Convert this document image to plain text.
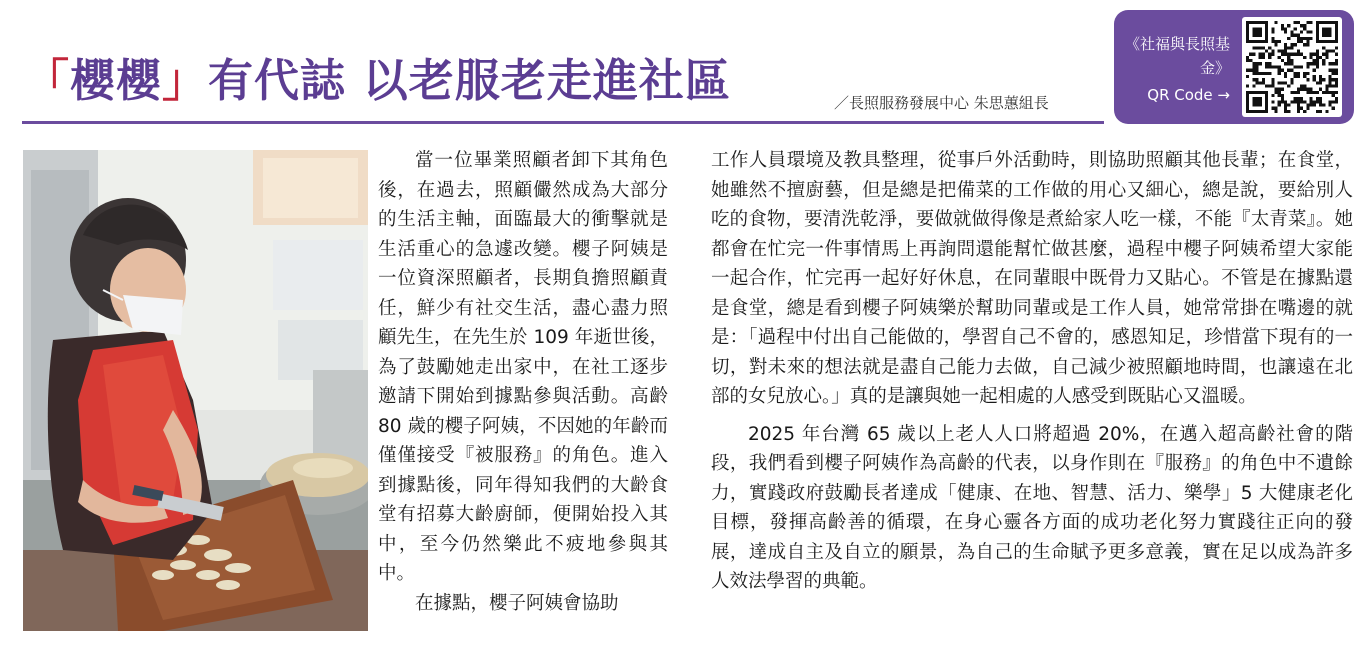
「櫻櫻」有代誌 以老服老走進社區	／長照服務發展中心 朱思蕙組長
《社福與長照基金》
QR Code →

當一位畢業照顧者卸下其角色後，在過去，照顧儼然成為大部分的生活主軸，面臨最大的衝擊就是生活重心的急遽改變。櫻子阿姨是一位資深照顧者，長期負擔照顧責任，鮮少有社交生活，盡心盡力照顧先生，在先生於 109 年逝世後，為了鼓勵她走出家中，在社工逐步邀請下開始到據點參與活動。高齡 80 歲的櫻子阿姨，不因她的年齡而僅僅接受『被服務』的角色。進入到據點後，同年得知我們的大齡食堂有招募大齡廚師，便開始投入其中，至今仍然樂此不疲地參與其中。

在據點，櫻子阿姨會協助

工作人員環境及教具整理，從事戶外活動時，則協助照顧其他長輩；在食堂，她雖然不擅廚藝，但是總是把備菜的工作做的用心又細心，總是說，要給別人吃的食物，要清洗乾淨，要做就做得像是煮給家人吃一樣，不能『太青菜』。她都會在忙完一件事情馬上再詢問還能幫忙做甚麼，過程中櫻子阿姨希望大家能一起合作，忙完再一起好好休息，在同輩眼中既骨力又貼心。不管是在據點還是食堂，總是看到櫻子阿姨樂於幫助同輩或是工作人員，她常常掛在嘴邊的就是：「過程中付出自己能做的，學習自己不會的，感恩知足，珍惜當下現有的一切，對未來的想法就是盡自己能力去做，自己減少被照顧地時間，也讓遠在北部的女兒放心。」真的是讓與她一起相處的人感受到既貼心又溫暖。

2025 年台灣 65 歲以上老人人口將超過 20%，在邁入超高齡社會的階段，我們看到櫻子阿姨作為高齡的代表，以身作則在『服務』的角色中不遺餘力，實踐政府鼓勵長者達成「健康、在地、智慧、活力、樂學」5 大健康老化目標，發揮高齡善的循環，在身心靈各方面的成功老化努力實踐往正向的發展，達成自主及自立的願景，為自己的生命賦予更多意義，實在足以成為許多人效法學習的典範。
